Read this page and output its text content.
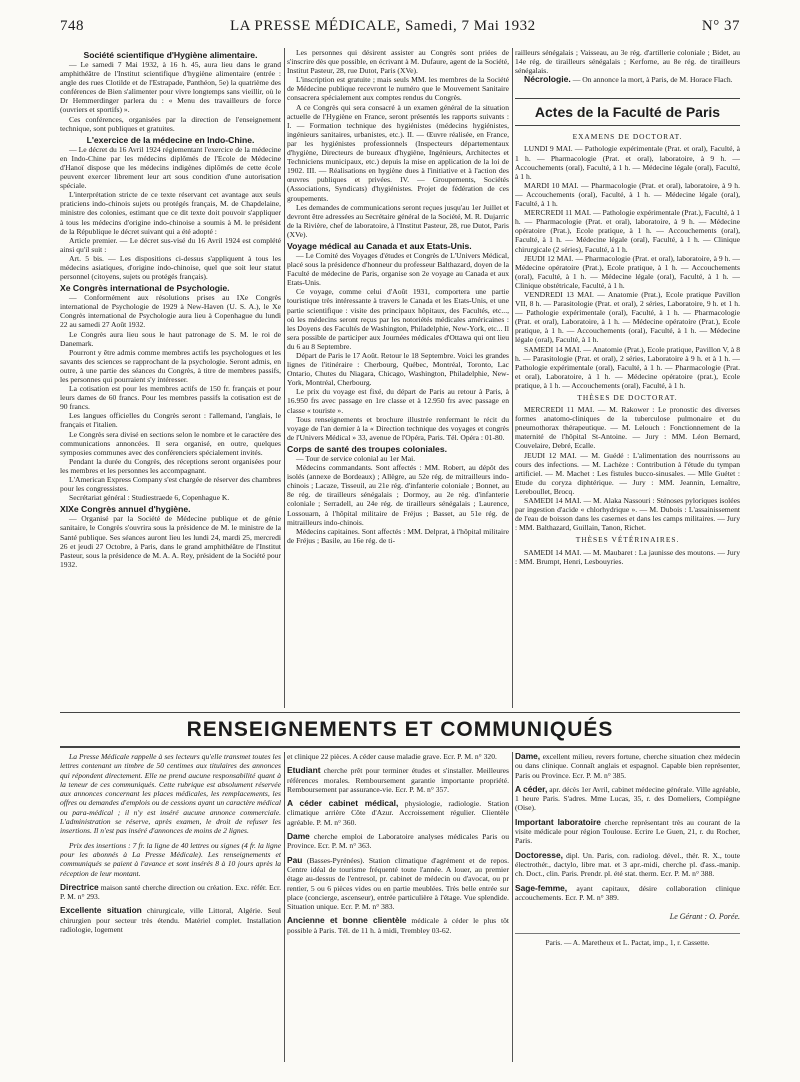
748	LA PRESSE MÉDICALE, Samedi, 7 Mai 1932	N° 37
Société scientifique d'Hygiène alimentaire.

— Le samedi 7 Mai 1932, à 16 h. 45, aura lieu dans le grand amphithéâtre de l'Institut scientifique d'hygiène alimentaire (entrée : angle des rues Clotilde et de l'Estrapade, Panthéon, 5e) la quatrième des conférences de Bien s'alimenter pour vivre longtemps sans vieillir, où le Dr Hemmerdinger parlera du : « Menu des travailleurs de force (ouvriers et sportifs) ».

Ces conférences, organisées par la direction de l'enseignement technique, sont publiques et gratuites.

L'exercice de la médecine en Indo-Chine.

— Le décret du 16 Avril 1924 réglementant l'exercice de la médecine en Indo-Chine par les médecins diplômés de l'Ecole de Médecine d'Hanoï dispose que les médecins indigènes diplômés de cette école peuvent exercer librement leur art sous condition d'une autorisation spéciale.

L'interprétation stricte de ce texte réservant cet avantage aux seuls praticiens indo-chinois sujets ou protégés français, M. de Chapdelaine, ministre des colonies, estimant que ce dit texte doit pouvoir s'appliquer à tous les médecins d'origine indo-chinoise a soumis à M. le président de la République le décret suivant qui a été adopté :

Article premier. — Le décret sus-visé du 16 Avril 1924 est complété ainsi qu'il suit :

Art. 5 bis. — Les dispositions ci-dessus s'appliquent à tous les médecins asiatiques, d'origine indo-chinoise, quel que soit leur statut personnel (citoyens, sujets ou protégés français).

Xe Congrès international de Psychologie.

— Conformément aux résolutions prises au IXe Congrès international de Psychologie de 1929 à New-Haven (U. S. A.), le Xe Congrès international de Psychologie aura lieu à Copenhague du lundi 22 au samedi 27 Août 1932.

Le Congrès aura lieu sous le haut patronage de S. M. le roi de Danemark.

Pourront y être admis comme membres actifs les psychologues et les savants des sciences se rapprochant de la psychologie. Seront admis, en outre, à une partie des séances du Congrès, à titre de membres passifs, les personnes qui pourraient s'y intéresser.

La cotisation est pour les membres actifs de 150 fr. français et pour leurs dames de 60 francs. Pour les membres passifs la cotisation est de 90 francs.

Les langues officielles du Congrès seront : l'allemand, l'anglais, le français et l'italien.

Le Congrès sera divisé en sections selon le nombre et le caractère des communications annoncées. Il sera organisé, en outre, quelques symposies communes avec des conférenciers spécialement invités.

Pendant la durée du Congrès, des réceptions seront organisées pour les membres et les personnes les accompagnant.

L'American Express Company s'est chargée de réserver des chambres pour les congressistes.

Secrétariat général : Studiestraede 6, Copenhague K.

XIXe Congrès annuel d'hygiène.

— Organisé par la Société de Médecine publique et de génie sanitaire, le Congrès s'ouvrira sous la présidence de M. le ministre de la Santé publique. Ses séances auront lieu les lundi 24, mardi 25, mercredi 26 et jeudi 27 Octobre, à Paris, dans le grand amphithéâtre de l'Institut Pasteur, sous la présidence de M. A. A. Rey, président de la Société pour 1932.

Les personnes qui désirent assister au Congrès sont priées de s'inscrire dès que possible, en écrivant à M. Dufaure, agent de la Société, Institut Pasteur, 28, rue Dutot, Paris (XVe).

L'inscription est gratuite ; mais seuls MM. les membres de la Société de Médecine publique recevront le numéro que le Mouvement Sanitaire consacrera spécialement aux comptes rendus du Congrès.

A ce Congrès qui sera consacré à un examen général de la situation actuelle de l'Hygiène en France, seront présentés les rapports suivants : I. — Formation technique des hygiénistes (médecins hygiénistes, ingénieurs sanitaires, urbanistes, etc.). II. — Œuvre réalisée, en France, par les hygiénistes professionnels (Inspecteurs départementaux d'hygiène, Directeurs de bureaux d'hygiène, Ingénieurs, Architectes et Techniciens municipaux, etc.) depuis la mise en application de la loi de 1902. III. — Réalisations en hygiène dues à l'initiative et à l'action des œuvres publiques et privées. IV. — Groupements, Sociétés (Associations, Syndicats) d'hygiénistes. Projet de fédération de ces groupements.

Les demandes de communications seront reçues jusqu'au 1er Juillet et devront être adressées au Secrétaire général de la Société, M. R. Dujarric de la Rivière, chef de laboratoire, à l'Institut Pasteur, 28, rue Dutot, Paris (XVe).

Voyage médical au Canada et aux Etats-Unis.

— Le Comité des Voyages d'études et Congrès de L'Univers Médical, placé sous la présidence d'honneur du professeur Balthazard, doyen de la Faculté de médecine de Paris, organise son 2e voyage au Canada et aux Etats-Unis.

Ce voyage, comme celui d'Août 1931, comportera une partie touristique très intéressante à travers le Canada et les Etats-Unis, et une partie scientifique : visite des principaux hôpitaux, des Facultés, etc..., où les médecins seront reçus par les notoriétés médicales américaines : les Doyens des Facultés de Washington, Philadelphie, New-York, etc... Il sera possible de participer aux Journées médicales d'Ottawa qui ont lieu du 6 au 8 Septembre.

Départ de Paris le 17 Août. Retour le 18 Septembre. Voici les grandes lignes de l'itinéraire : Cherbourg, Québec, Montréal, Toronto, Lac Ontario, Chutes du Niagara, Chicago, Washington, Philadelphie, New-York, Montréal, Cherbourg.

Le prix du voyage est fixé, du départ de Paris au retour à Paris, à 16.950 frs avec passage en 1re classe et à 12.950 frs avec passage en classe « touriste ».

Tous renseignements et brochure illustrée renfermant le récit du voyage de l'an dernier à la « Direction technique des voyages et congrès de l'Univers Médical » 33, avenue de l'Opéra, Paris. Tél. Opéra : 01-80.

Corps de santé des troupes coloniales.

— Tour de service colonial au 1er Mai.

Médecins commandants. Sont affectés : MM. Robert, au dépôt des isolés (annexe de Bordeaux) ; Allègre, au 52e rég. de mitrailleurs indo-chinois ; Lacaze, Tisseuil, au 21e rég. d'infanterie coloniale ; Bonnet, au 8e rég. de tirailleurs sénégalais ; Dormoy, au 2e rég. d'infanterie coloniale ; Serradell, au 24e rég. de tirailleurs sénégalais ; Laurence, Lossouarn, à l'hôpital militaire de Fréjus ; Basset, au 51e rég. de mitrailleurs indo-chinois.

Médecins capitaines. Sont affectés : MM. Delprat, à l'hôpital militaire de Fréjus ; Basile, au 16e rég. de ti-

railleurs sénégalais ; Vaisseau, au 3e rég. d'artillerie coloniale ; Bidet, au 14e rég. de tirailleurs sénégalais ; Kerforne, au 8e rég. de tirailleurs sénégalais.

Nécrologie. — On annonce la mort, à Paris, de M. Horace Flach.

Actes de la Faculté de Paris
EXAMENS DE DOCTORAT.

LUNDI 9 MAI. — Pathologie expérimentale (Prat. et oral), Faculté, à 1 h. — Pharmacologie (Prat. et oral), laboratoire, à 9 h. — Accouchements (oral), Faculté, à 1 h. — Médecine légale (oral), Faculté, à 1 h.

MARDI 10 MAI. — Pharmacologie (Prat. et oral), laboratoire, à 9 h. — Accouchements (oral), Faculté, à 1 h. — Médecine légale (oral), Faculté, à 1 h.

MERCREDI 11 MAI. — Pathologie expérimentale (Prat.), Faculté, à 1 h. — Pharmacologie (Prat. et oral), laboratoire, à 9 h. — Médecine opératoire (Prat.), Ecole pratique, à 1 h. — Accouchements (oral), Faculté, à 1 h. — Médecine légale (oral), Faculté, à 1 h. — Clinique chirurgicale (2 séries), Faculté, à 1 h.

JEUDI 12 MAI. — Pharmacologie (Prat. et oral), laboratoire, à 9 h. — Médecine opératoire (Prat.), Ecole pratique, à 1 h. — Accouchements (oral), Faculté, à 1 h. — Médecine légale (oral), Faculté, à 1 h. — Clinique obstétricale, Faculté, à 1 h.

VENDREDI 13 MAI. — Anatomie (Prat.), Ecole pratique Pavillon VII, 8 h. — Parasitologie (Prat. et oral), 2 séries, Laboratoire, 9 h. et 1 h. — Pathologie expérimentale (oral), Faculté, à 1 h. — Pharmacologie (Prat. et oral), Laboratoire, à 1 h. — Médecine opératoire (Prat.), Ecole pratique, à 1 h. — Accouchements (oral), Faculté, à 1 h. — Médecine légale (oral), Faculté, à 1 h.

SAMEDI 14 MAI. — Anatomie (Prat.), Ecole pratique, Pavillon V, à 8 h. — Parasitologie (Prat. et oral), 2 séries, Laboratoire à 9 h. et à 1 h. — Pathologie expérimentale (oral), Faculté, à 1 h. — Pharmacologie (Prat. et oral), Laboratoire, à 1 h. — Médecine opératoire (prat.), Ecole pratique, à 1 h. — Accouchements (oral), Faculté, à 1 h.

THÈSES DE DOCTORAT.

MERCREDI 11 MAI. — M. Rakower : Le pronostic des diverses formes anatomo-cliniques de la tuberculose pulmonaire et du pneumothorax thérapeutique. — M. Lelouch : Fonctionnement de la maternité de l'hôpital St-Antoine. — Jury : MM. Léon Bernard, Couvelaire, Debré, Ecalle.

JEUDI 12 MAI. — M. Guédé : L'alimentation des nourrissons au cours des infections. — M. Lachèze : Contribution à l'étude du tympan artificiel. — M. Machet : Les fistules bucco-sinusales. — Mlle Guétet : Etude du coryza diphtérique. — Jury : MM. Jeannin, Lemaître, Lereboullet, Brocq.

SAMEDI 14 MAI. — M. Alaka Nassouri : Sténoses pyloriques isolées par ingestion d'acide « chlorhydrique ». — M. Dubois : L'assainissement de l'eau de boisson dans les casernes et dans les camps militaires. — Jury : MM. Balthazard, Guillain, Tanon, Richet.

THÈSES VÉTÉRINAIRES.

SAMEDI 14 MAI. — M. Maubaret : La jaunisse des moutons. — Jury : MM. Brumpt, Henri, Lesbouyries.

RENSEIGNEMENTS ET COMMUNIQUÉS

La Presse Médicale rappelle à ses lecteurs qu'elle transmet toutes les lettres contenant un timbre de 50 centimes aux titulaires des annonces qui répondent directement. Elle ne prend aucune responsabilité quant à la teneur de ces communiqués. Cette rubrique est absolument réservée aux annonces concernant les places médicales, les remplacements, les offres ou demandes d'emplois ou de cessions ayant un caractère médical ou para-médical ; il n'y est inséré aucune annonce commerciale. L'administration se réserve, après examen, le droit de refuser les insertions. Il n'est pas inséré d'annonces de moins de 2 lignes.

Prix des insertions : 7 fr. la ligne de 40 lettres ou signes (4 fr. la ligne pour les abonnés à La Presse Médicale). Les renseignements et communiqués se paient à l'avance et sont insérés 8 à 10 jours après la réception de leur montant.

Directrice maison santé cherche direction ou création. Exc. référ. Ecr. P. M. n° 293.

Excellente situation chirurgicale, ville Littoral, Algérie. Seul chirurgien pour secteur très étendu. Matériel complet. Installation radiologie, logement

et clinique 22 pièces. A céder cause maladie grave. Ecr. P. M. n° 320.

Etudiant cherche prêt pour terminer études et s'installer. Meilleures références morales. Remboursement garantie importante propriété. Remboursement par assurance-vie. Ecr. P. M. n° 357.

A céder cabinet médical, physiologie, radiologie. Station climatique arrière Côte d'Azur. Accroissement régulier. Clientèle agréable. P. M. n° 360.

Dame cherche emploi de Laboratoire analyses médicales Paris ou Province. Ecr. P. M. n° 363.

Pau (Basses-Pyrénées). Station climatique d'agrément et de repos. Centre idéal de tourisme fréquenté toute l'année. A louer, au premier étage au-dessus de l'entresol, pr. cabinet de médecin ou d'avocat, ou pr rentier, 5 ou 6 pièces vides ou en partie meublées. Très belle entrée sur place (concierge, ascenseur), entrée particulière à l'étage. Vue splendide. Situation unique. Ecr. P. M. n° 383.

Ancienne et bonne clientèle médicale à céder le plus tôt possible à Paris. Tél. de 11 h. à midi, Trembley 03-62.

Dame, excellent milieu, revers fortune, cherche situation chez médecin ou dans clinique. Connaît anglais et espagnol. Capable bien représenter, Paris ou Province. Ecr. P. M. n° 385.

A céder, apr. décès 1er Avril, cabinet médecine générale. Ville agréable, 1 heure Paris. S'adres. Mme Lucas, 35, r. des Domeliers, Compiègne (Oise).

Important laboratoire cherche représentant très au courant de la visite médicale pour région Toulouse. Ecrire Le Guen, 21, r. du Rocher, Paris.

Doctoresse, dipl. Un. Paris, con. radiolog. dével., thér. R. X., toute électrothér., dactylo, libre mat. et 3 apr.-midi, cherche pl. d'ass.-manip. ch. Doct., clin. Paris. Prendr. pl. été stat. therm. Ecr. P. M. n° 388.

Sage-femme, ayant capitaux, désire collaboration clinique accouchements. Ecr. P. M. n° 389.

Le Gérant : O. Porée.
Paris. — A. Maretheux et L. Pactat, imp., 1, r. Cassette.
